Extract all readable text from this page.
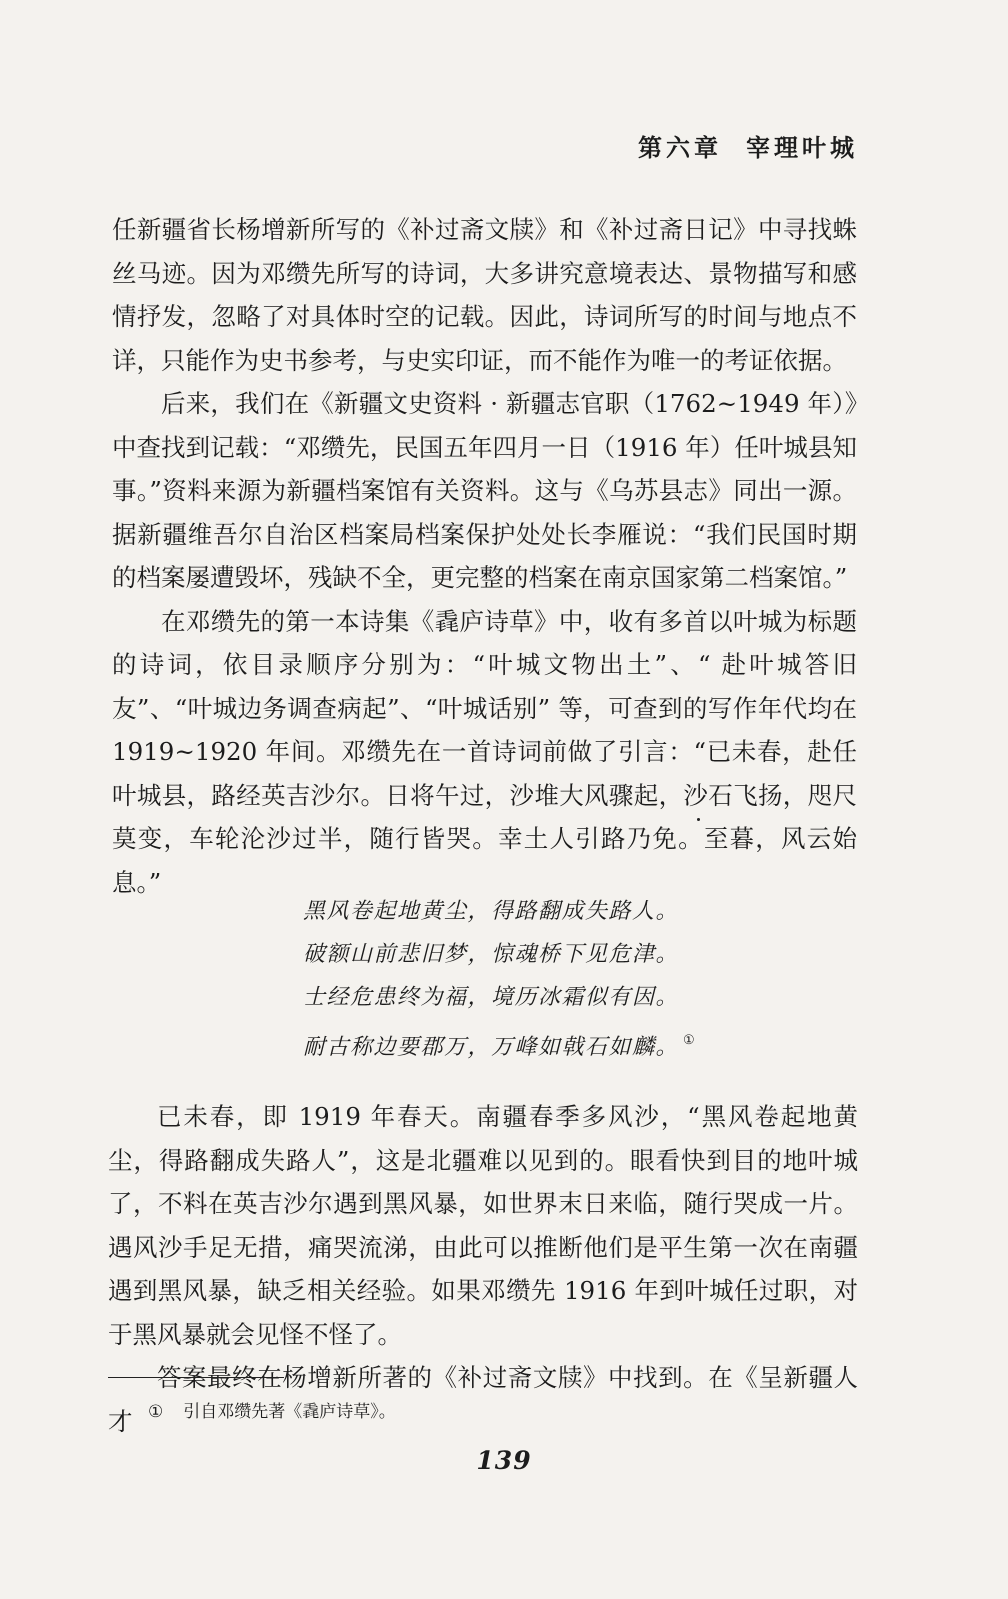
第六章 宰理叶城

任新疆省长杨增新所写的《补过斋文牍》和《补过斋日记》中寻找蛛丝马迹。因为邓缵先所写的诗词，大多讲究意境表达、景物描写和感情抒发，忽略了对具体时空的记载。因此，诗词所写的时间与地点不详，只能作为史书参考，与史实印证，而不能作为唯一的考证依据。

后来，我们在《新疆文史资料 · 新疆志官职（1762~1949 年）》中查找到记载：“邓缵先，民国五年四月一日（1916 年）任叶城县知事。”资料来源为新疆档案馆有关资料。这与《乌苏县志》同出一源。据新疆维吾尔自治区档案局档案保护处处长李雁说：“我们民国时期的档案屡遭毁坏，残缺不全，更完整的档案在南京国家第二档案馆。”

在邓缵先的第一本诗集《毳庐诗草》中，收有多首以叶城为标题的诗词，依目录顺序分别为：“叶城文物出土”、“ 赴叶城答旧友”、“叶城边务调查病起”、“叶城话别” 等，可查到的写作年代均在 1919~1920 年间。邓缵先在一首诗词前做了引言：“已未春，赴任叶城县，路经英吉沙尔。日将午过，沙堆大风骤起，沙石飞扬，咫尺莫变，车轮沦沙过半，随行皆哭。幸土人引路乃免。至暮，风云始息。”

黑风卷起地黄尘，得路翻成失路人。

破额山前悲旧梦，惊魂桥下见危津。

士经危患终为福，境历冰霜似有因。

耐古称边要郡万，万峰如戟石如麟。 ①

已未春，即 1919 年春天。南疆春季多风沙，“黑风卷起地黄尘，得路翻成失路人”，这是北疆难以见到的。眼看快到目的地叶城了，不料在英吉沙尔遇到黑风暴，如世界末日来临，随行哭成一片。遇风沙手足无措，痛哭流涕，由此可以推断他们是平生第一次在南疆遇到黑风暴，缺乏相关经验。如果邓缵先 1916 年到叶城任过职，对于黑风暴就会见怪不怪了。

答案最终在杨增新所著的《补过斋文牍》中找到。在《呈新疆人才 ① 引自邓缵先著《毳庐诗草》。
139
